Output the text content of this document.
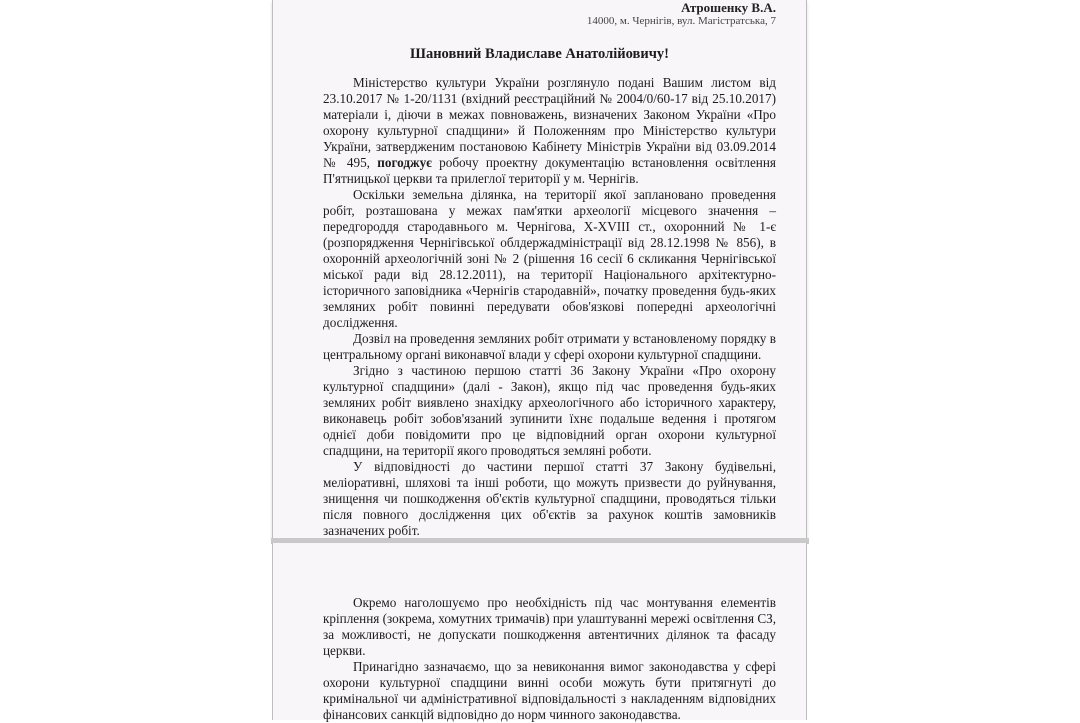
Атрошенку В.А.
14000, м. Чернігів, вул. Магістратська, 7
Шановний Владиславе Анатолійовичу!

Міністерство культури України розглянуло подані Вашим листом від 23.10.2017 № 1-20/1131 (вхідний реєстраційний № 2004/0/60-17 від 25.10.2017) матеріали і, діючи в межах повноважень, визначених Законом України «Про охорону культурної спадщини» й Положенням про Міністерство культури України, затвердженим постановою Кабінету Міністрів України від 03.09.2014 № 495, погоджує робочу проектну документацію встановлення освітлення П'ятницької церкви та прилеглої території у м. Чернігів.

Оскільки земельна ділянка, на території якої заплановано проведення робіт, розташована у межах пам'ятки археології місцевого значення – передгороддя стародавнього м. Чернігова, X-XVIII ст., охоронний № 1-є (розпорядження Чернігівської облдержадміністрації від 28.12.1998 № 856), в охоронній археологічній зоні № 2 (рішення 16 сесії 6 скликання Чернігівської міської ради від 28.12.2011), на території Національного архітектурно-історичного заповідника «Чернігів стародавній», початку проведення будь-яких земляних робіт повинні передувати обов'язкові попередні археологічні дослідження.

Дозвіл на проведення земляних робіт отримати у встановленому порядку в центральному органі виконавчої влади у сфері охорони культурної спадщини.

Згідно з частиною першою статті 36 Закону України «Про охорону культурної спадщини» (далі - Закон), якщо під час проведення будь-яких земляних робіт виявлено знахідку археологічного або історичного характеру, виконавець робіт зобов'язаний зупинити їхнє подальше ведення і протягом однієї доби повідомити про це відповідний орган охорони культурної спадщини, на території якого проводяться земляні роботи.

У відповідності до частини першої статті 37 Закону будівельні, меліоративні, шляхові та інші роботи, що можуть призвести до руйнування, знищення чи пошкодження об'єктів культурної спадщини, проводяться тільки після повного дослідження цих об'єктів за рахунок коштів замовників зазначених робіт.

Окремо наголошуємо про необхідність під час монтування елементів кріплення (зокрема, хомутних тримачів) при улаштуванні мережі освітлення СЗ, за можливості, не допускати пошкодження автентичних ділянок та фасаду церкви.

Принагідно зазначаємо, що за невиконання вимог законодавства у сфері охорони культурної спадщини винні особи можуть бути притягнуті до кримінальної чи адміністративної відповідальності з накладенням відповідних фінансових санкцій відповідно до норм чинного законодавства.
